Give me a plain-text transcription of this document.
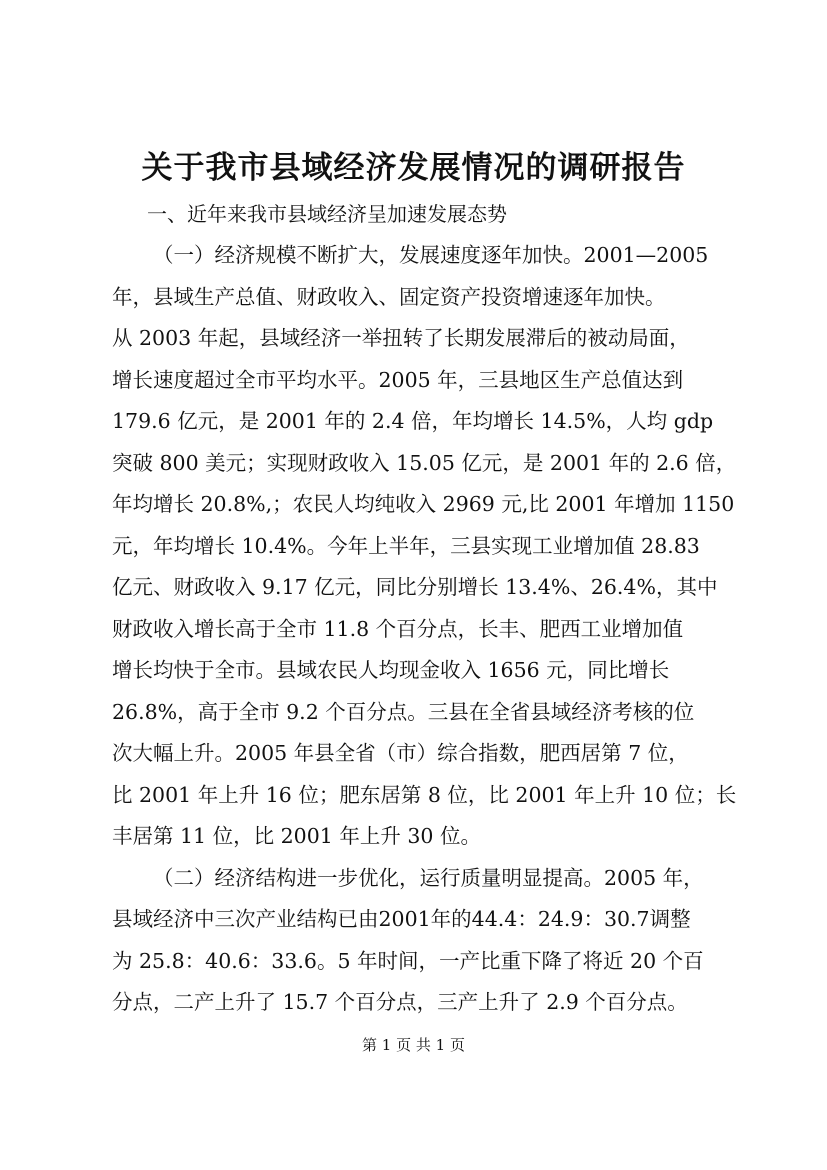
关于我市县域经济发展情况的调研报告

一、近年来我市县域经济呈加速发展态势

（一）经济规模不断扩大，发展速度逐年加快。2001—2005

年，县域生产总值、财政收入、固定资产投资增速逐年加快。

从 2003 年起，县域经济一举扭转了长期发展滞后的被动局面，

增长速度超过全市平均水平。2005 年，三县地区生产总值达到

179.6 亿元，是 2001 年的 2.4 倍，年均增长 14.5%，人均 gdp

突破 800 美元；实现财政收入 15.05 亿元，是 2001 年的 2.6 倍，

年均增长 20.8%,；农民人均纯收入 2969 元,比 2001 年增加 1150

元，年均增长 10.4%。今年上半年，三县实现工业增加值 28.83

亿元、财政收入 9.17 亿元，同比分别增长 13.4%、26.4%，其中

财政收入增长高于全市 11.8 个百分点，长丰、肥西工业增加值

增长均快于全市。县域农民人均现金收入 1656 元，同比增长

26.8%，高于全市 9.2 个百分点。三县在全省县域经济考核的位

次大幅上升。2005 年县全省（市）综合指数，肥西居第 7 位，

比 2001 年上升 16 位；肥东居第 8 位，比 2001 年上升 10 位；长

丰居第 11 位，比 2001 年上升 30 位。

（二）经济结构进一步优化，运行质量明显提高。2005 年，

县域经济中三次产业结构已由2001年的44.4：24.9：30.7调整

为 25.8：40.6：33.6。5 年时间，一产比重下降了将近 20 个百

分点，二产上升了 15.7 个百分点，三产上升了 2.9 个百分点。

第 1 页 共 1 页
